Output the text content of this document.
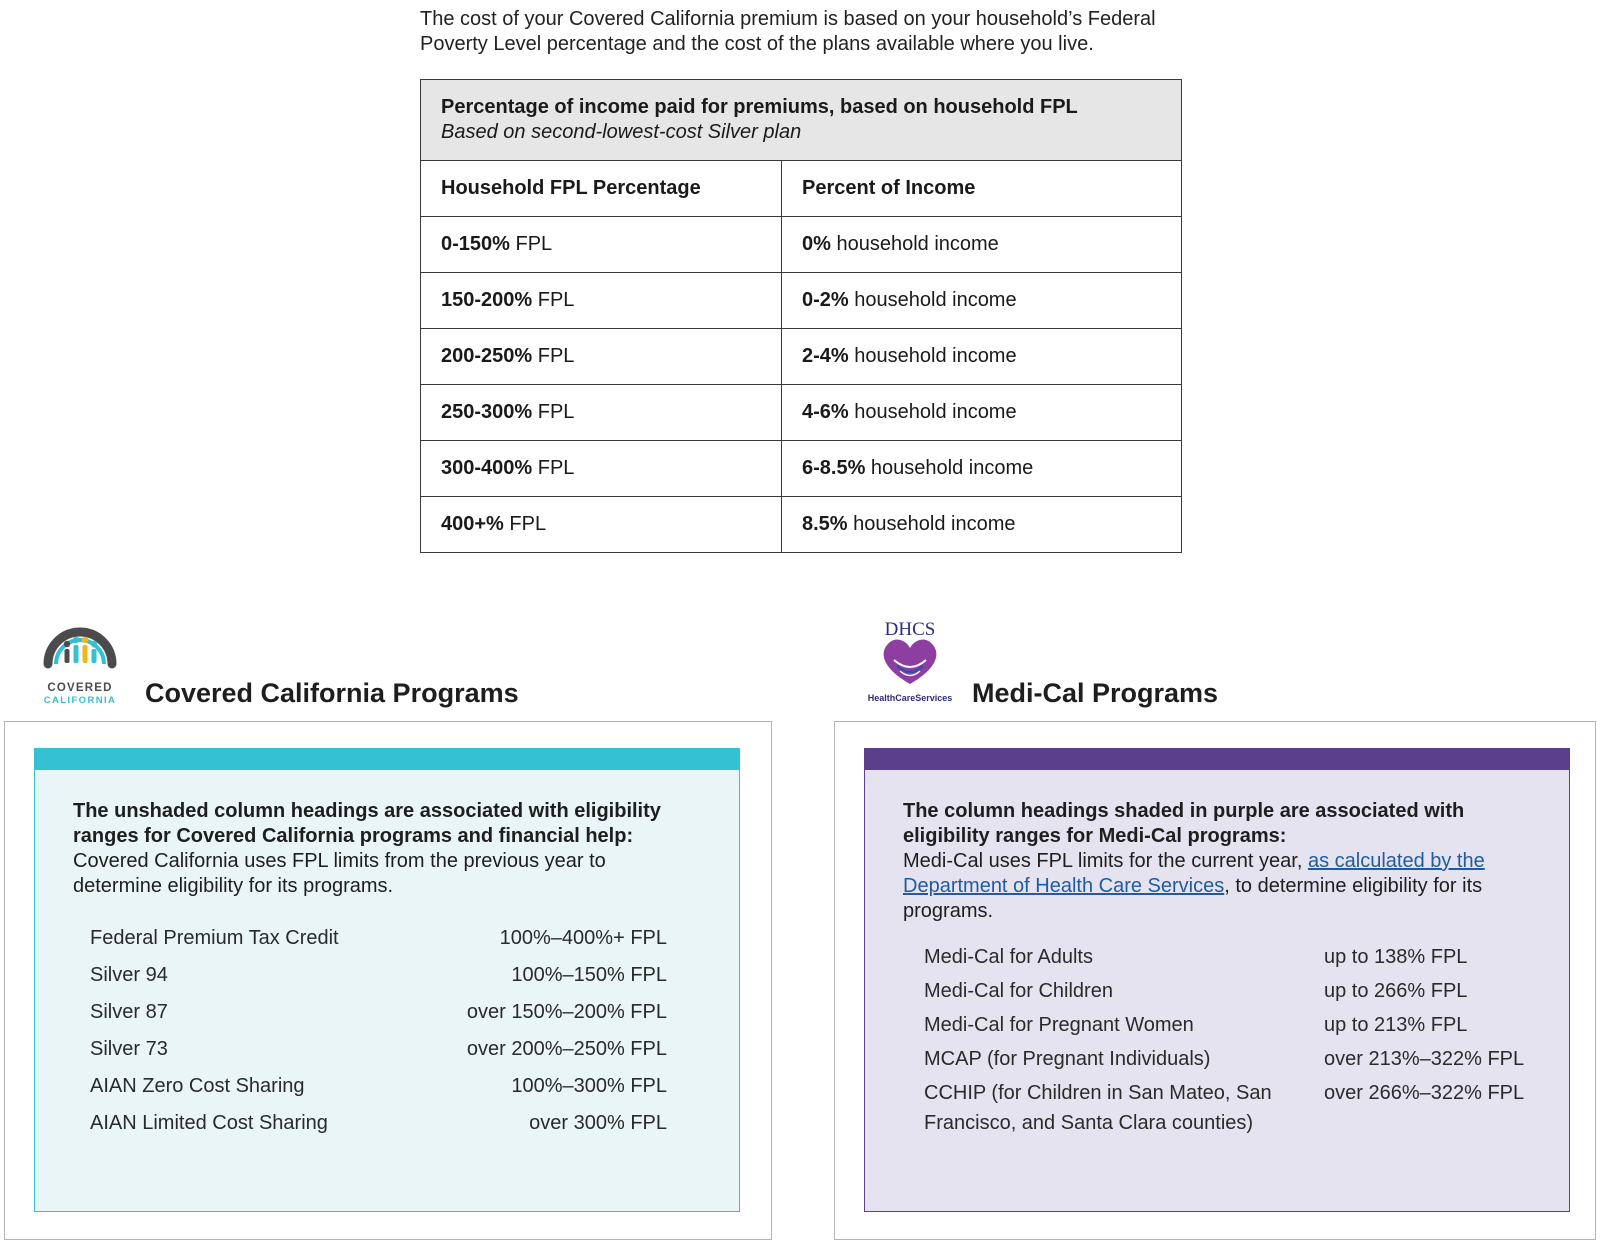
The cost of your Covered California premium is based on your household’s Federal

Poverty Level percentage and the cost of the plans available where you live.

Percentage of income paid for premiums, based on household FPL
Based on second-lowest-cost Silver plan	

Household FPL Percentage	Percent of Income
0-150% FPL	0% household income
150-200% FPL	0-2% household income
200-250% FPL	2-4% household income
250-300% FPL	4-6% household income
300-400% FPL	6-8.5% household income
400+% FPL	8.5% household income
COVERED
CALIFORNIA Covered California Programs
DHCS
HealthCareServices Medi-Cal Programs
The unshaded column headings are associated with eligibility
ranges for Covered California programs and financial help:
Covered California uses FPL limits from the previous year to
determine eligibility for its programs.
Federal Premium Tax Credit	100%–400%+ FPL
Silver 94	100%–150% FPL
Silver 87	over 150%–200% FPL
Silver 73	over 200%–250% FPL
AIAN Zero Cost Sharing	100%–300% FPL
AIAN Limited Cost Sharing	over 300% FPL
The column headings shaded in purple are associated with
eligibility ranges for Medi-Cal programs:
Medi-Cal uses FPL limits for the current year, as calculated by the
Department of Health Care Services, to determine eligibility for its
programs.
Medi-Cal for Adults	up to 138% FPL
Medi-Cal for Children	up to 266% FPL
Medi-Cal for Pregnant Women	up to 213% FPL
MCAP (for Pregnant Individuals)	over 213%–322% FPL
CCHIP (for Children in San Mateo, San Francisco, and Santa Clara counties)
over 266%–322% FPL
